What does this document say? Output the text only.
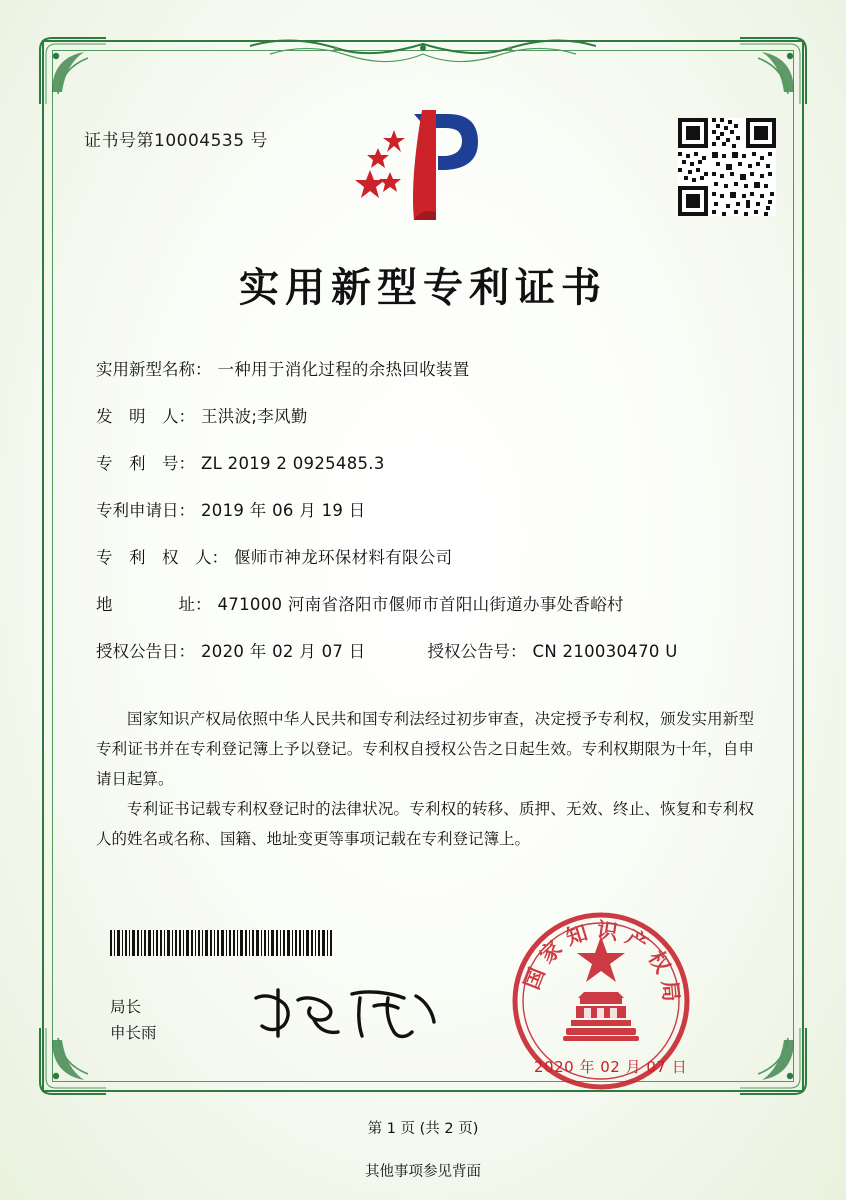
证书号第10004535 号
实用新型专利证书
实用新型名称： 一种用于消化过程的余热回收装置
发　明　人： 王洪波;李风勤
专　利　号： ZL 2019 2 0925485.3
专利申请日： 2019 年 06 月 19 日
专　利　权　人： 偃师市神龙环保材料有限公司
地　　　　址： 471000 河南省洛阳市偃师市首阳山街道办事处香峪村
授权公告日： 2020 年 02 月 07 日	授权公告号： CN 210030470 U

国家知识产权局依照中华人民共和国专利法经过初步审查，决定授予专利权，颁发实用新型专利证书并在专利登记簿上予以登记。专利权自授权公告之日起生效。专利权期限为十年，自申请日起算。

专利证书记载专利权登记时的法律状况。专利权的转移、质押、无效、终止、恢复和专利权人的姓名或名称、国籍、地址变更等事项记载在专利登记簿上。

局长
申长雨
国家知识产权局
2020 年 02 月 07 日
第 1 页 (共 2 页)
其他事项参见背面
